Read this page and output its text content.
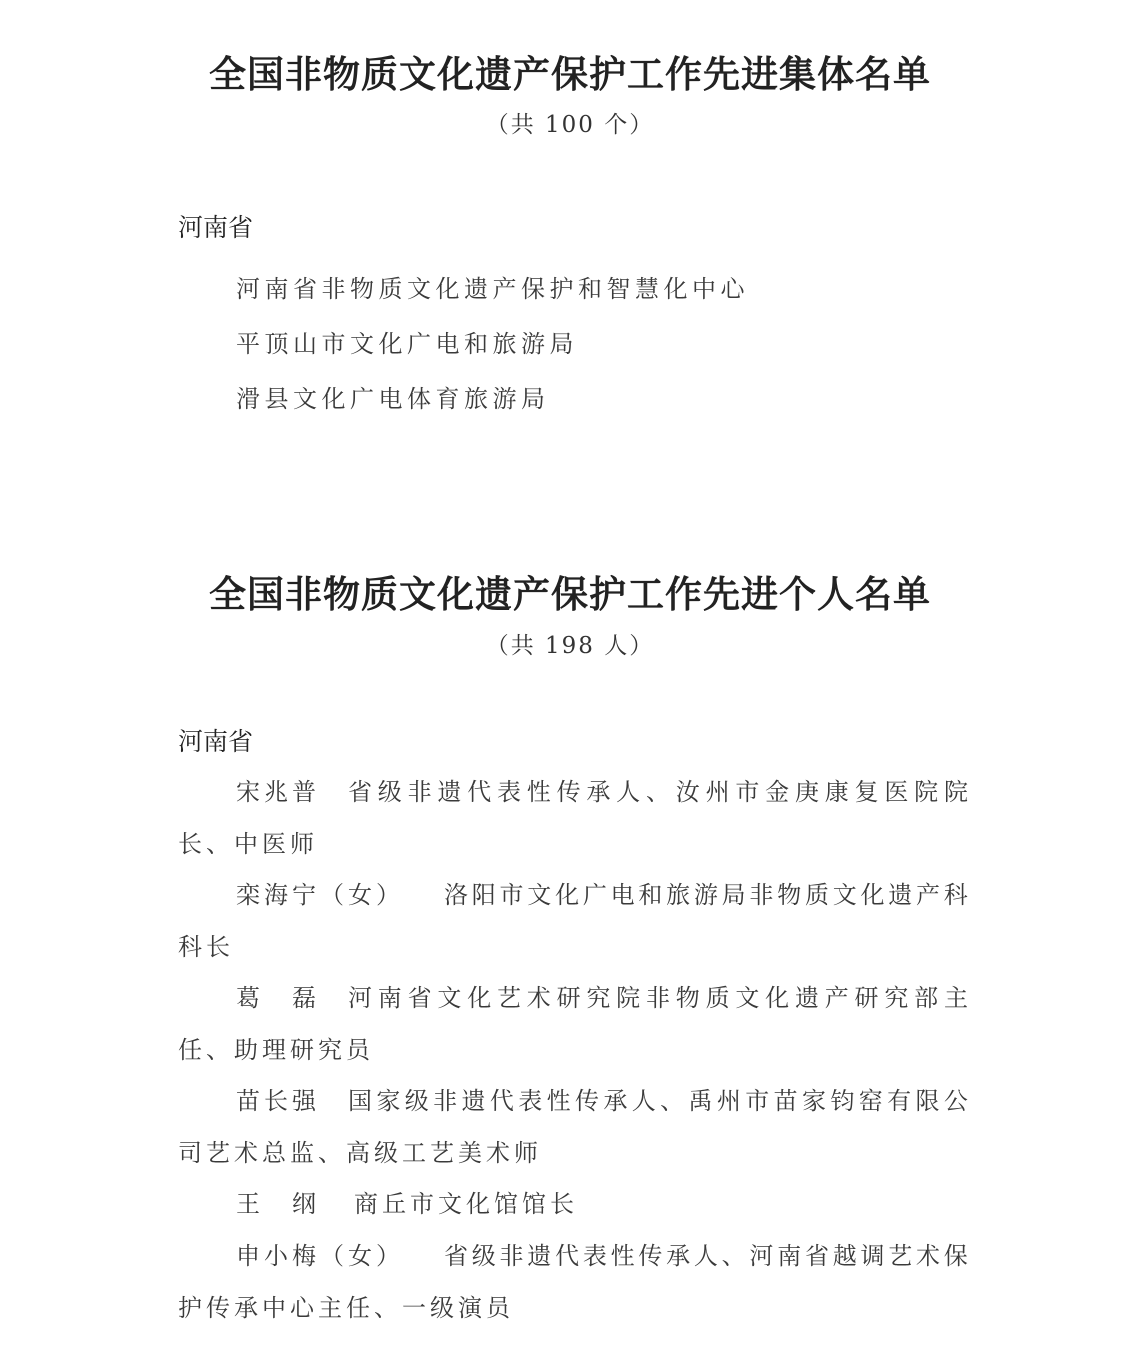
全国非物质文化遗产保护工作先进集体名单
（共 100 个）
河南省
河南省非物质文化遗产保护和智慧化中心
平顶山市文化广电和旅游局
滑县文化广电体育旅游局
全国非物质文化遗产保护工作先进个人名单
（共 198 人）
河南省
宋兆普 省 级 非 遗 代 表 性 传 承 人 、 汝 州 市 金 庚 康 复 医 院 院
长、中医师
栾海宁（女） 洛 阳 市 文 化 广 电 和 旅 游 局 非 物 质 文 化 遗 产 科
科长
葛　磊 河 南 省 文 化 艺 术 研 究 院 非 物 质 文 化 遗 产 研 究 部 主
任、助理研究员
苗长强 国 家 级 非 遗 代 表 性 传 承 人 、 禹 州 市 苗 家 钧 窑 有 限 公
司艺术总监、高级工艺美术师
王　纲	商丘市文化馆馆长
申小梅（女） 省 级 非 遗 代 表 性 传 承 人 、 河 南 省 越 调 艺 术 保
护传承中心主任、一级演员
